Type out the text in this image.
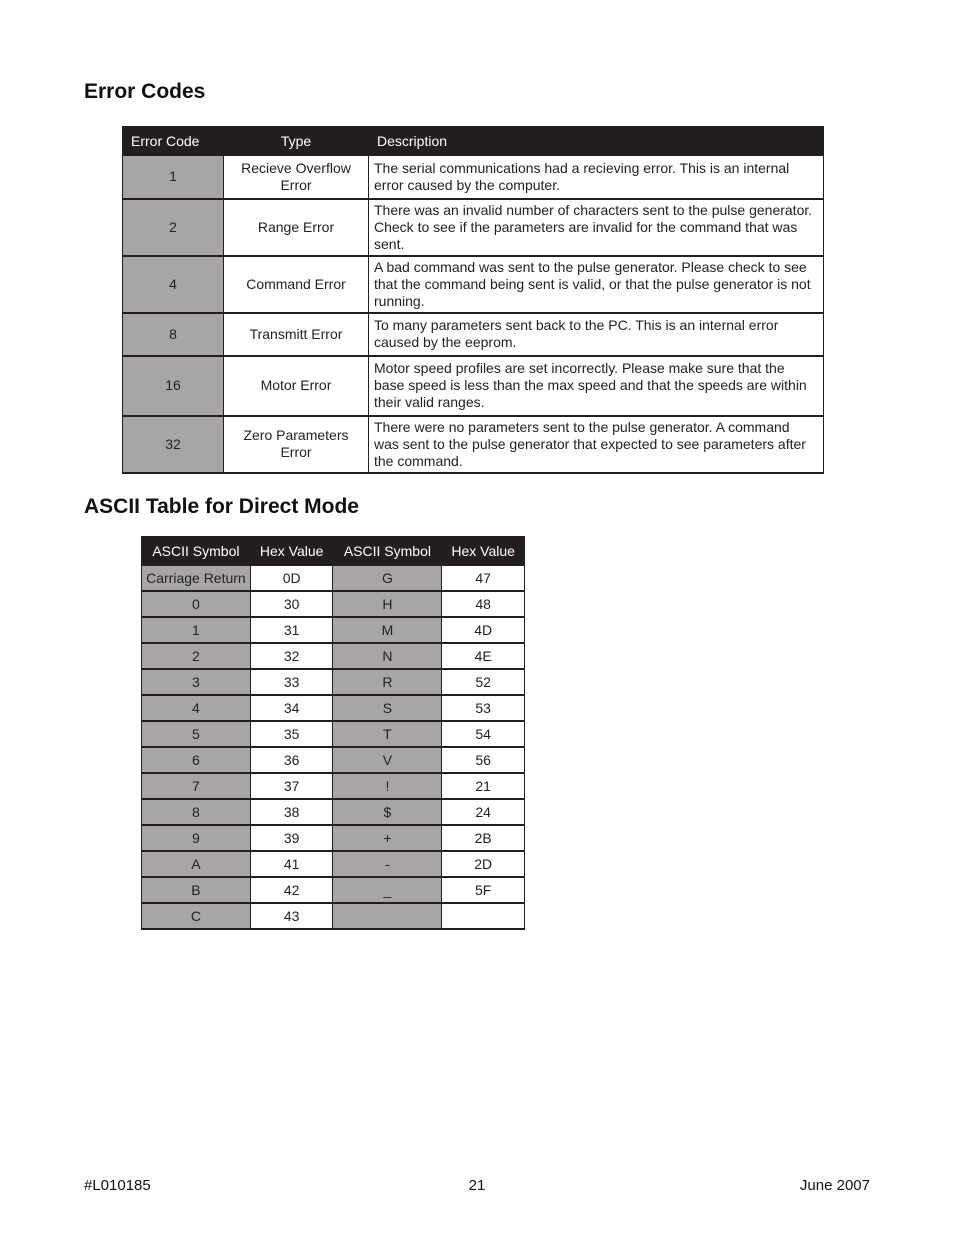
Error Codes
Error Code	Type	Description
1	Recieve Overflow Error	The serial communications had a recieving error. This is an internal error caused by the computer.
2	Range Error	There was an invalid number of characters sent to the pulse generator. Check to see if the parameters are invalid for the command that was sent.
4	Command Error	A bad command was sent to the pulse generator. Please check to see that the command being sent is valid, or that the pulse generator is not running.
8	Transmitt Error	To many parameters sent back to the PC. This is an internal error caused by the eeprom.
16	Motor Error	Motor speed profiles are set incorrectly. Please make sure that the base speed is less than the max speed and that the speeds are within their valid ranges.
32	Zero Parameters Error	There were no parameters sent to the pulse generator. A command was sent to the pulse generator that expected to see parameters after the command.
ASCII Table for Direct Mode
ASCII Symbol	Hex Value	ASCII Symbol	Hex Value
Carriage Return	0D	G	47
0	30	H	48
1	31	M	4D
2	32	N	4E
3	33	R	52
4	34	S	53
5	35	T	54
6	36	V	56
7	37	!	21
8	38	$	24
9	39	+	2B
A	41	-	2D
B	42	_	5F
C	43		
#L010185	21	June 2007
